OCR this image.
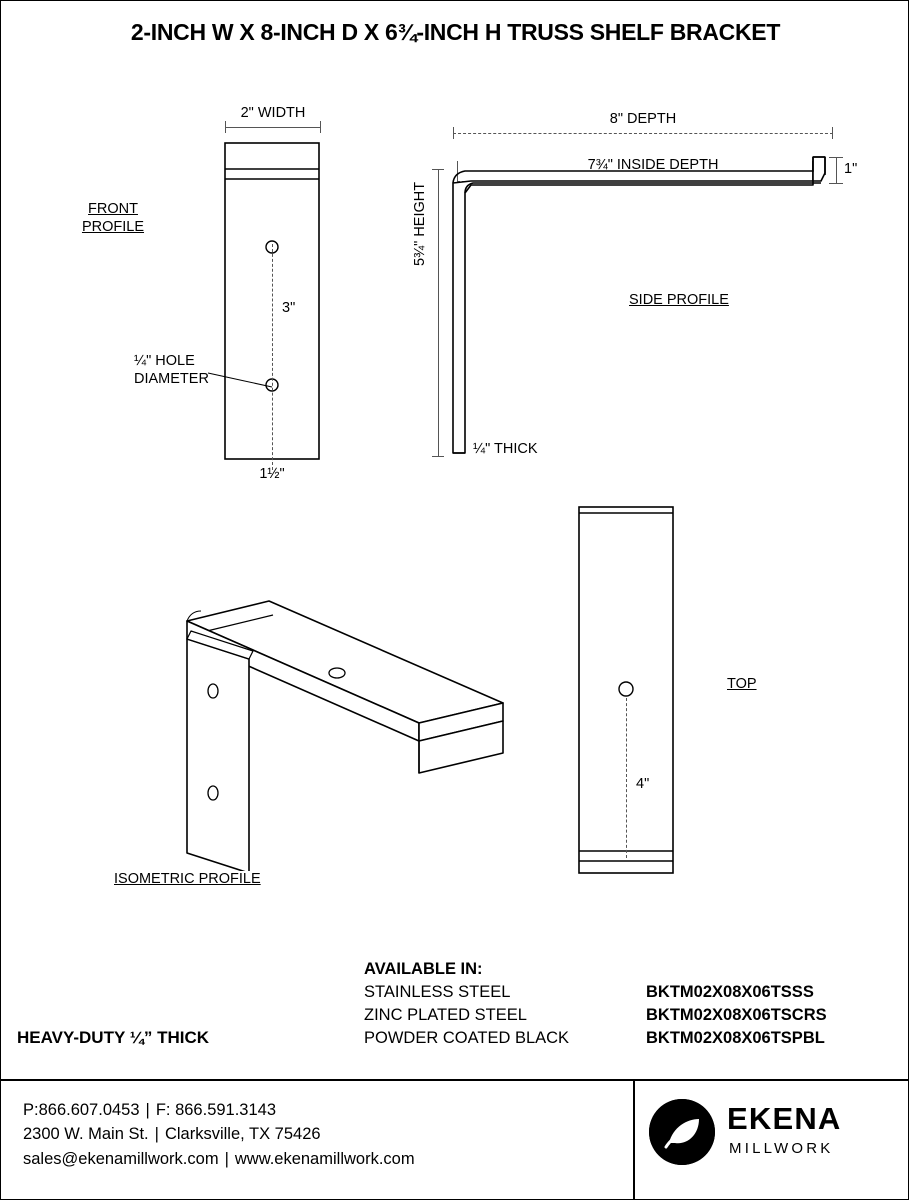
2-INCH W X 8-INCH D X 6¾-INCH H TRUSS SHELF BRACKET
2" WIDTH
3"
¼" HOLE
DIAMETER
1½"
FRONT
PROFILE
8" DEPTH
7¾" INSIDE DEPTH	1"
5¾" HEIGHT
¼" THICK
SIDE PROFILE
4"
TOP
ISOMETRIC PROFILE
AVAILABLE IN:
STAINLESS STEEL
ZINC PLATED STEEL
POWDER COATED BLACK
BKTM02X08X06TSSS
BKTM02X08X06TSCRS
BKTM02X08X06TSPBL
HEAVY-DUTY ¼” THICK
P:866.607.0453 | F: 866.591.3143
2300 W. Main St. | Clarksville, TX 75426
sales@ekenamillwork.com | www.ekenamillwork.com
EKENA
MILLWORK
